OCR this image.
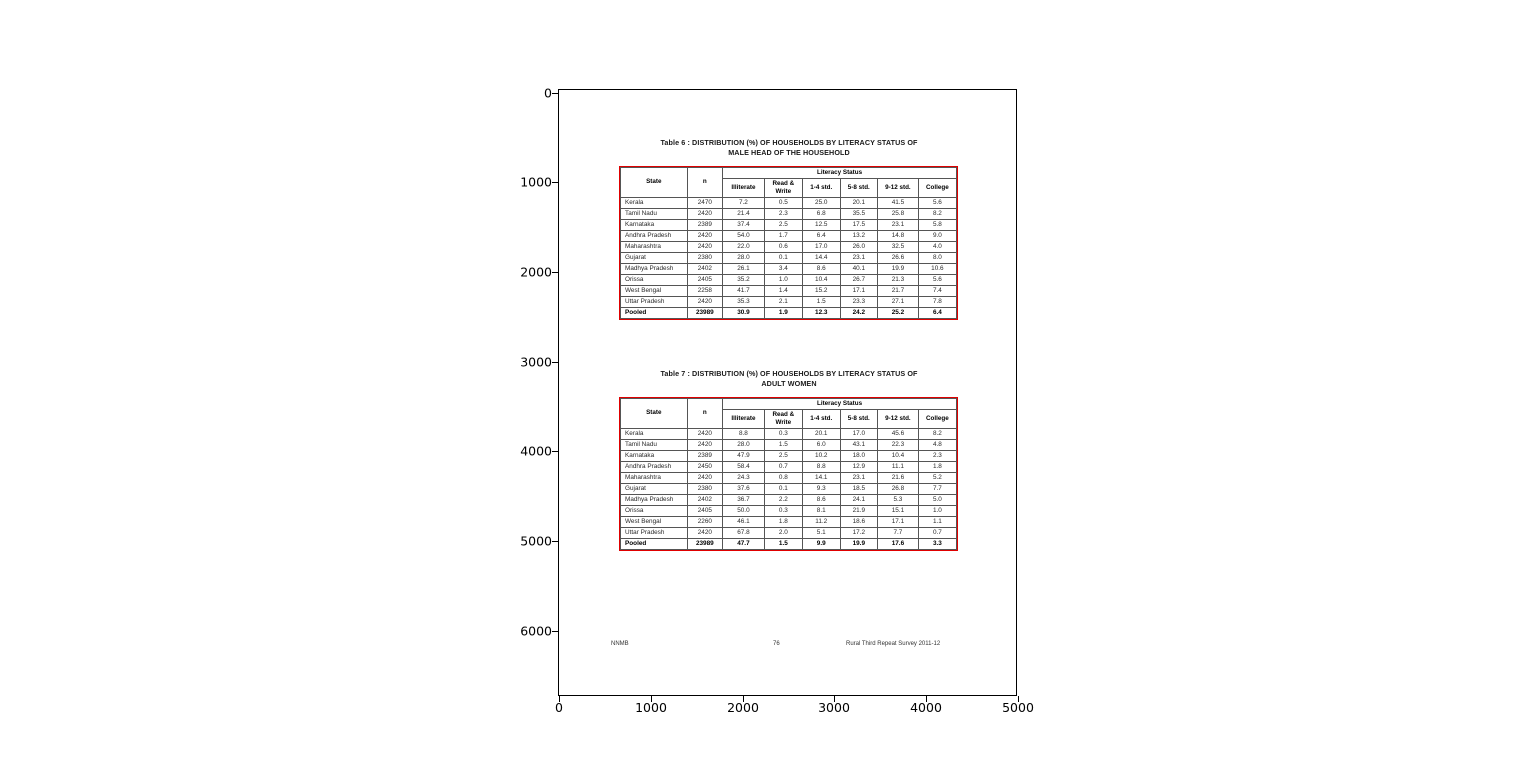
0
1000
2000
3000
4000
5000
6000
0	1000	2000	3000	4000	5000
Table 6 : DISTRIBUTION (%) OF HOUSEHOLDS BY LITERACY STATUS OF
MALE HEAD OF THE HOUSEHOLD
State	n	Literacy Status					
		Illiterate	Read & Write	1-4 std.	5-8 std.	9-12 std.	College
Kerala	2470	7.2	0.5	25.0	20.1	41.5	5.6
Tamil Nadu	2420	21.4	2.3	6.8	35.5	25.8	8.2
Karnataka	2389	37.4	2.5	12.5	17.5	23.1	5.8
Andhra Pradesh	2420	54.0	1.7	6.4	13.2	14.8	9.0
Maharashtra	2420	22.0	0.6	17.0	26.0	32.5	4.0
Gujarat	2380	28.0	0.1	14.4	23.1	26.6	8.0
Madhya Pradesh	2402	26.1	3.4	8.6	40.1	19.9	10.6
Orissa	2405	35.2	1.0	10.4	26.7	21.3	5.6
West Bengal	2258	41.7	1.4	15.2	17.1	21.7	7.4
Uttar Pradesh	2420	35.3	2.1	1.5	23.3	27.1	7.8
Pooled	23989	30.9	1.9	12.3	24.2	25.2	6.4
Table 7 : DISTRIBUTION (%) OF HOUSEHOLDS BY LITERACY STATUS OF
ADULT WOMEN
State	n	Literacy Status					
		Illiterate	Read & Write	1-4 std.	5-8 std.	9-12 std.	College
Kerala	2420	8.8	0.3	20.1	17.0	45.6	8.2
Tamil Nadu	2420	28.0	1.5	6.0	43.1	22.3	4.8
Karnataka	2389	47.9	2.5	10.2	18.0	10.4	2.3
Andhra Pradesh	2450	58.4	0.7	8.8	12.9	11.1	1.8
Maharashtra	2420	24.3	0.8	14.1	23.1	21.6	5.2
Gujarat	2380	37.6	0.1	9.3	18.5	26.8	7.7
Madhya Pradesh	2402	36.7	2.2	8.6	24.1	5.3	5.0
Orissa	2405	50.0	0.3	8.1	21.9	15.1	1.0
West Bengal	2260	46.1	1.8	11.2	18.6	17.1	1.1
Uttar Pradesh	2420	67.8	2.0	5.1	17.2	7.7	0.7
Pooled	23989	47.7	1.5	9.9	19.9	17.6	3.3
NNMB	76	Rural Third Repeat Survey 2011-12
